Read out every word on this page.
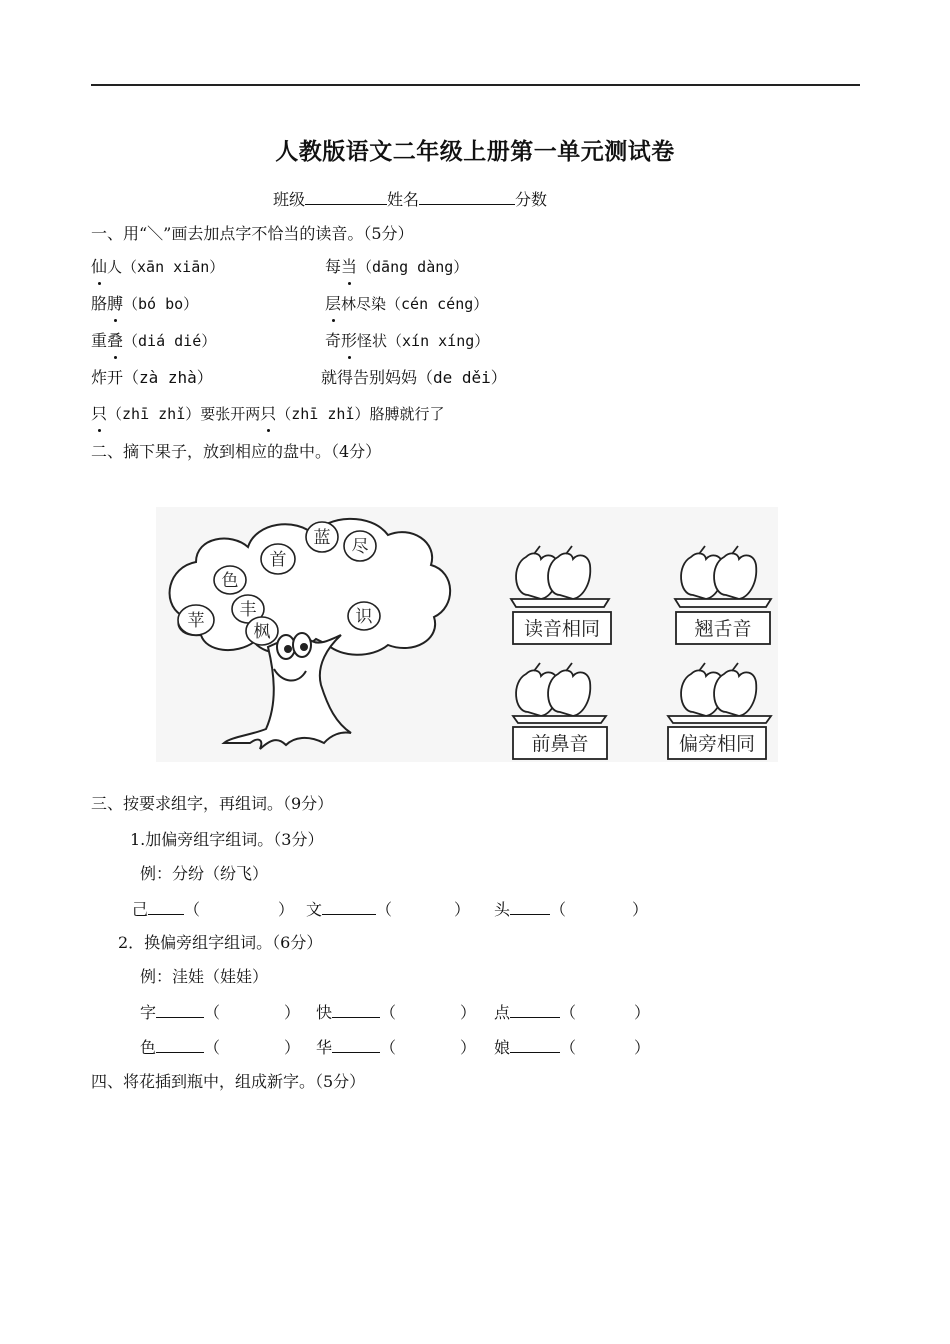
人教版语文二年级上册第一单元测试卷
班级	姓名	分数
一、用“＼”画去加点字不恰当的读音。（5分）
仙人（xān xiān）	每当（dāng dàng）
胳膊（bó bo）	层林尽染（cén céng）
重叠（diá dié）	奇形怪状（xín xíng）
炸开（zà zhà）	就得告别妈妈（de děi）
只（zhī zhǐ）要张开两只（zhī zhǐ）胳膊就行了
二、摘下果子，放到相应的盘中。（4分）
苹
色
丰
首
蓝 尽
枫
识
读音相同	翘舌音
前鼻音	偏旁相同
三、按要求组字，再组词。（9分）
1.加偏旁组字组词。（3分）
例：分纷（纷飞）
己 （	） 文	（	） 头	（	）
2．换偏旁组字组词。（6分）
例：洼娃（娃娃）
字	（	） 快	（	） 点	（	）
色	（	） 华	（	） 娘	（	）
四、将花插到瓶中，组成新字。（5分）
